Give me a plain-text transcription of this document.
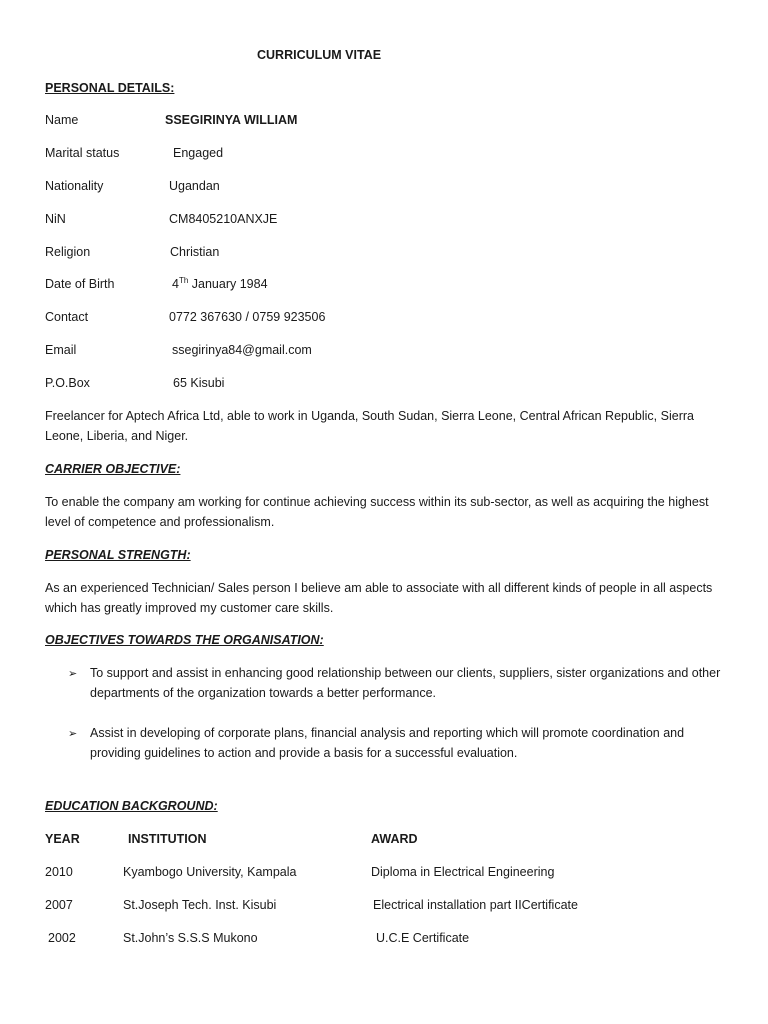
CURRICULUM VITAE
PERSONAL DETAILS:
Name	SSEGIRINYA WILLIAM
Marital status	Engaged
Nationality	Ugandan
NiN	CM8405210ANXJE
Religion	Christian
Date of Birth	4Th January 1984
Contact	0772 367630 / 0759 923506
Email	ssegirinya84@gmail.com
P.O.Box	65 Kisubi
Freelancer for Aptech Africa Ltd, able to work in Uganda, South Sudan, Sierra Leone, Central African Republic, Sierra Leone, Liberia, and Niger.
CARRIER OBJECTIVE:
To enable the company am working for continue achieving success within its sub-sector, as well as acquiring the highest level of competence and professionalism.
PERSONAL STRENGTH:
As an experienced Technician/ Sales person I believe am able to associate with all different kinds of people in all aspects which has greatly improved my customer care skills.
OBJECTIVES TOWARDS THE ORGANISATION:
➢ To support and assist in enhancing good relationship between our clients, suppliers, sister organizations and other departments of the organization towards a better performance.
➢ Assist in developing of corporate plans, financial analysis and reporting which will promote coordination and providing guidelines to action and provide a basis for a successful evaluation.
EDUCATION BACKGROUND:
YEAR	INSTITUTION	AWARD
2010	Kyambogo University, Kampala	Diploma in Electrical Engineering
2007	St.Joseph Tech. Inst. Kisubi	Electrical installation part IICertificate
2002	St.John’s S.S.S Mukono	U.C.E Certificate
